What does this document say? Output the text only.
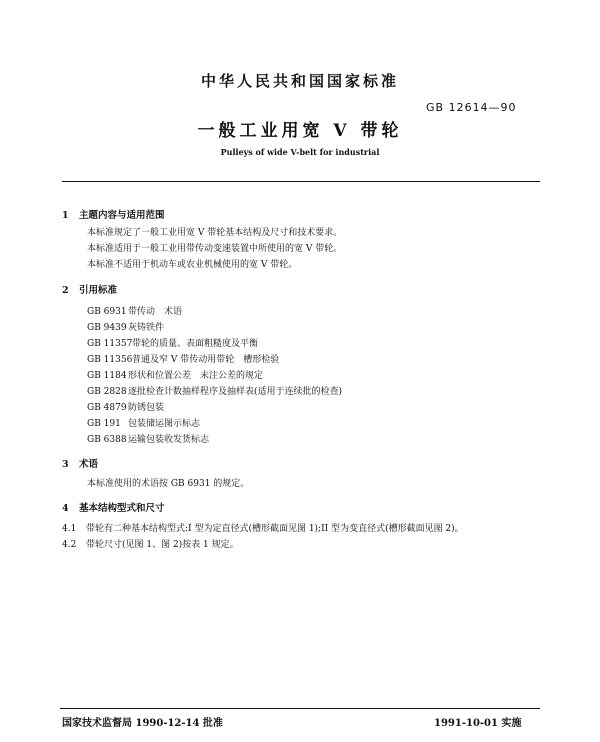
中华人民共和国国家标准
GB 12614—90
一般工业用宽 V 带轮
Pulleys of wide V-belt for industrial
1 主题内容与适用范围
本标准规定了一般工业用宽 V 带轮基本结构及尺寸和技术要求。
本标准适用于一般工业用带传动变速装置中所使用的宽 V 带轮。
本标准不适用于机动车或农业机械使用的宽 V 带轮。
2 引用标准
GB 6931带传动　术语
GB 9439灰铸铁件
GB 11357带轮的质量、表面粗糙度及平衡
GB 11356普通及窄 V 带传动用带轮　槽形检验
GB 1184形状和位置公差　未注公差的规定
GB 2828逐批检查计数抽样程序及抽样表(适用于连续批的检查)
GB 4879防锈包装
GB 191 包装储运图示标志
GB 6388运输包装收发货标志
3 术语
本标准使用的术语按 GB 6931 的规定。
4 基本结构型式和尺寸
4.1 带轮有二种基本结构型式:I 型为定直径式(槽形截面见图 1);II 型为变直径式(槽形截面见图 2)。
4.2 带轮尺寸(见图 1、图 2)按表 1 规定。
国家技术监督局 1990-12-14 批准	1991-10-01 实施
